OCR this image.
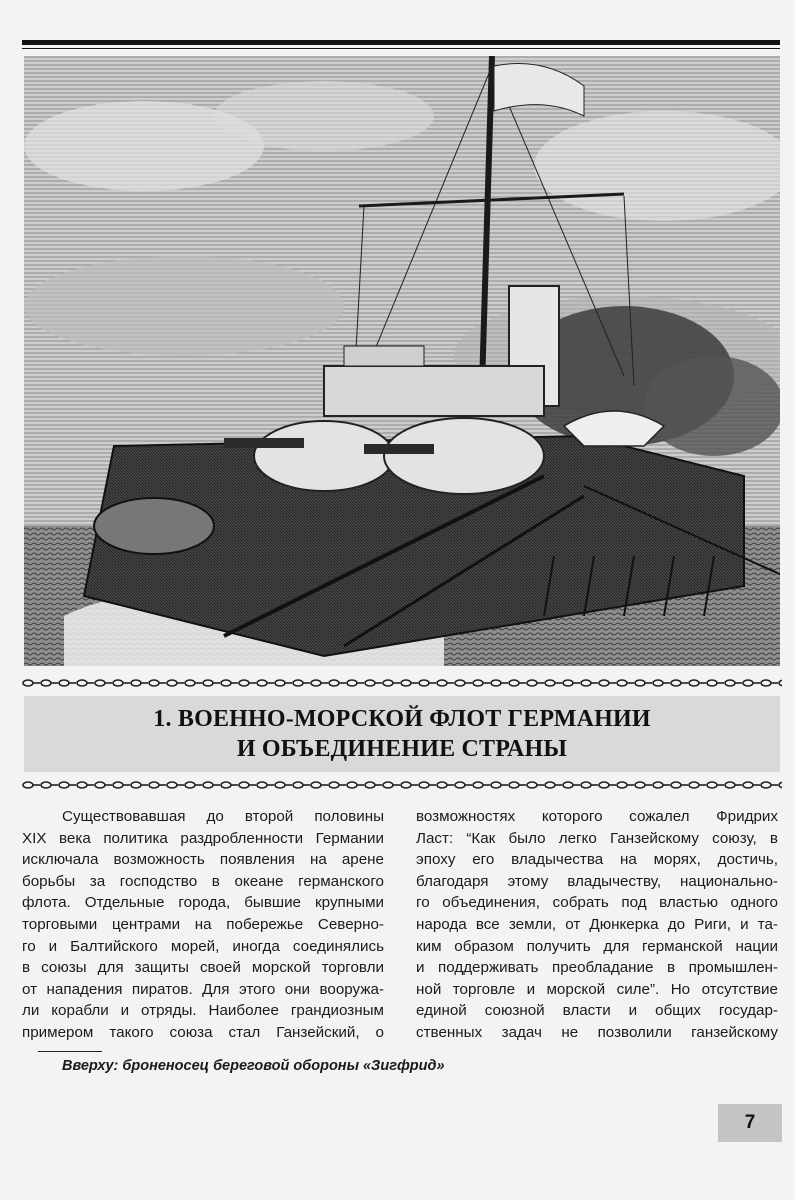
1. ВОЕННО-МОРСКОЙ ФЛОТ ГЕРМАНИИ
И ОБЪЕДИНЕНИЕ СТРАНЫ
Существовавшая до второй половины
XIX века политика раздробленности Германии
исключала возможность появления на арене
борьбы за господство в океане германского
флота. Отдельные города, бывшие крупными
торговыми центрами на побережье Северно-
го и Балтийского морей, иногда соединялись
в союзы для защиты своей морской торговли
от нападения пиратов. Для этого они вооружа-
ли корабли и отряды. Наиболее грандиозным
примером такого союза стал Ганзейский, о
возможностях которого сожалел Фридрих
Ласт: “Как было легко Ганзейскому союзу, в
эпоху его владычества на морях, достичь,
благодаря этому владычеству, национально-
го объединения, собрать под властью одного
народа все земли, от Дюнкерка до Риги, и та-
ким образом получить для германской нации
и поддерживать преобладание в промышлен-
ной торговле и морской силе”. Но отсутствие
единой союзной власти и общих государ-
ственных задач не позволили ганзейскому
Вверху: броненосец береговой обороны «Зигфрид»
7
